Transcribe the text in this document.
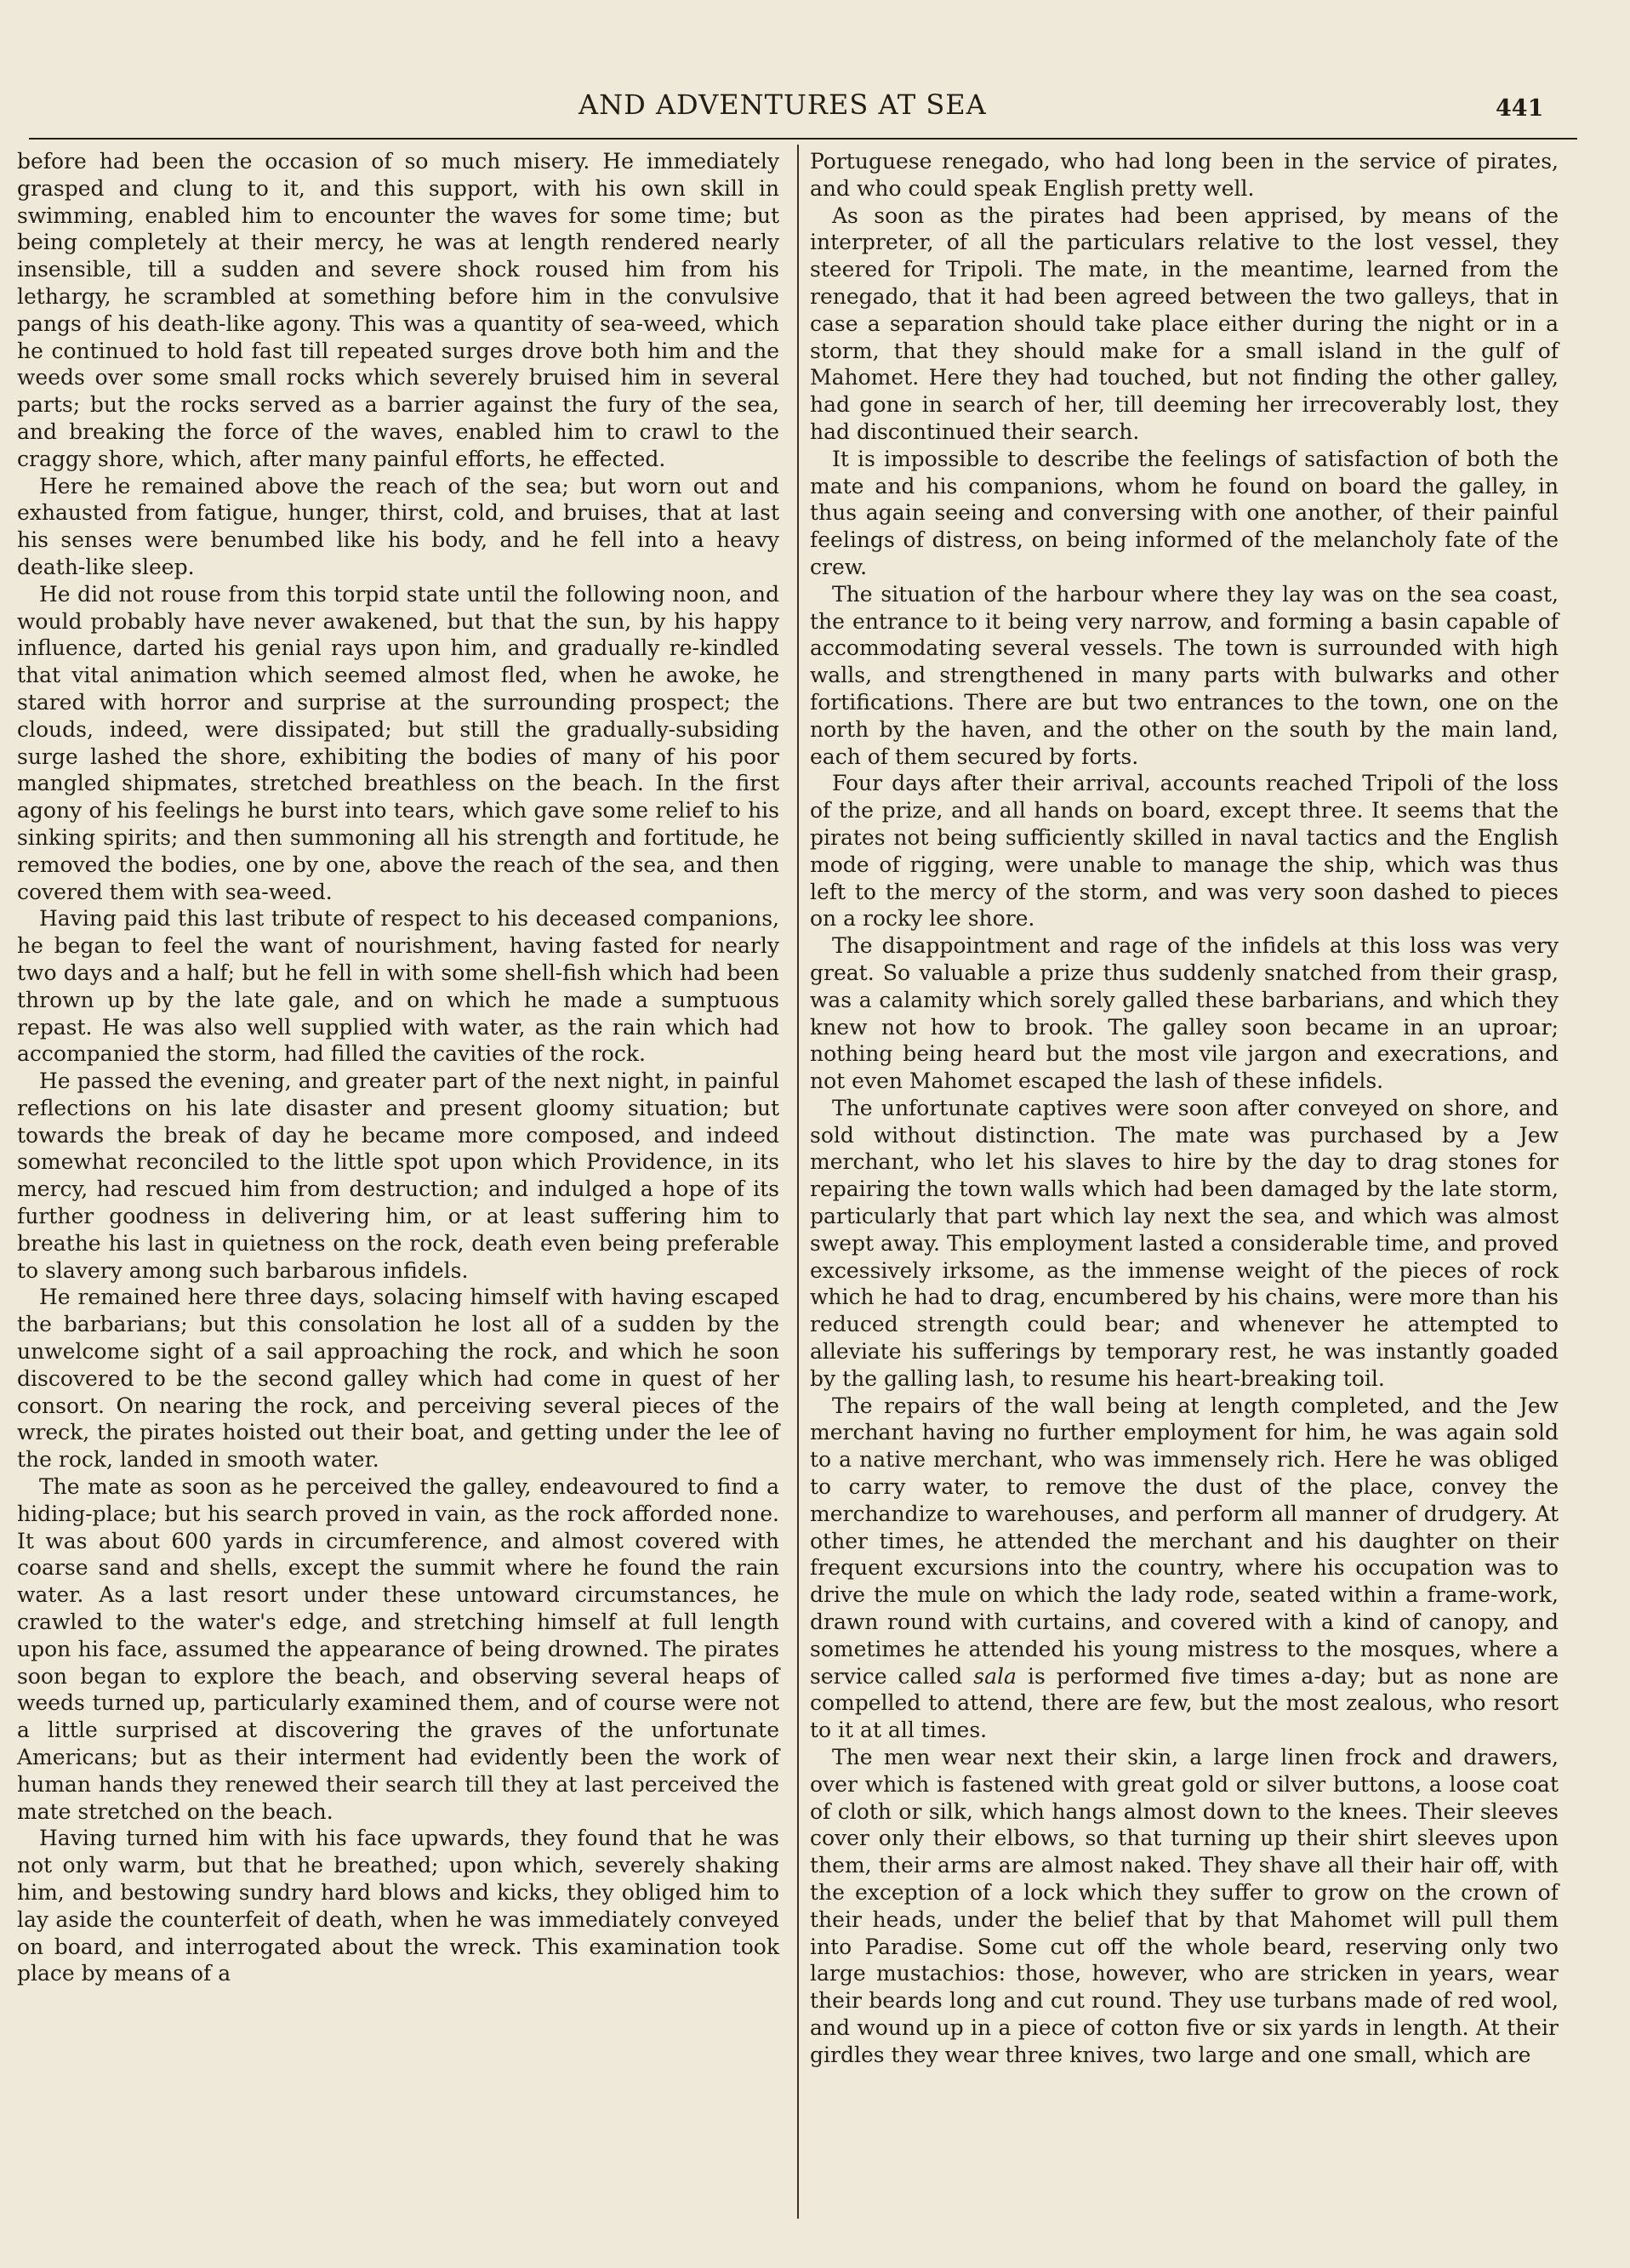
AND ADVENTURES AT SEA	441

before had been the occasion of so much misery. He immediately grasped and clung to it, and this support, with his own skill in swimming, enabled him to encounter the waves for some time; but being completely at their mercy, he was at length rendered nearly insensible, till a sudden and severe shock roused him from his lethargy, he scrambled at something before him in the convulsive pangs of his death-like agony. This was a quantity of sea-weed, which he continued to hold fast till repeated surges drove both him and the weeds over some small rocks which severely bruised him in several parts; but the rocks served as a barrier against the fury of the sea, and breaking the force of the waves, enabled him to crawl to the craggy shore, which, after many painful efforts, he effected.

Here he remained above the reach of the sea; but worn out and exhausted from fatigue, hunger, thirst, cold, and bruises, that at last his senses were benumbed like his body, and he fell into a heavy death-like sleep.

He did not rouse from this torpid state until the following noon, and would probably have never awakened, but that the sun, by his happy influence, darted his genial rays upon him, and gradually re-kindled that vital animation which seemed almost fled, when he awoke, he stared with horror and surprise at the surrounding prospect; the clouds, indeed, were dissipated; but still the gradually-subsiding surge lashed the shore, exhibiting the bodies of many of his poor mangled shipmates, stretched breathless on the beach. In the first agony of his feelings he burst into tears, which gave some relief to his sinking spirits; and then summoning all his strength and fortitude, he removed the bodies, one by one, above the reach of the sea, and then covered them with sea-weed.

Having paid this last tribute of respect to his deceased companions, he began to feel the want of nourishment, having fasted for nearly two days and a half; but he fell in with some shell-fish which had been thrown up by the late gale, and on which he made a sumptuous repast. He was also well supplied with water, as the rain which had accompanied the storm, had filled the cavities of the rock.

He passed the evening, and greater part of the next night, in painful reflections on his late disaster and present gloomy situation; but towards the break of day he became more composed, and indeed somewhat reconciled to the little spot upon which Providence, in its mercy, had rescued him from destruction; and indulged a hope of its further goodness in delivering him, or at least suffering him to breathe his last in quietness on the rock, death even being preferable to slavery among such barbarous infidels.

He remained here three days, solacing himself with having escaped the barbarians; but this consolation he lost all of a sudden by the unwelcome sight of a sail approaching the rock, and which he soon discovered to be the second galley which had come in quest of her consort. On nearing the rock, and perceiving several pieces of the wreck, the pirates hoisted out their boat, and getting under the lee of the rock, landed in smooth water.

The mate as soon as he perceived the galley, endeavoured to find a hiding-place; but his search proved in vain, as the rock afforded none. It was about 600 yards in circumference, and almost covered with coarse sand and shells, except the summit where he found the rain water. As a last resort under these untoward circumstances, he crawled to the water's edge, and stretching himself at full length upon his face, assumed the appearance of being drowned. The pirates soon began to explore the beach, and observing several heaps of weeds turned up, particularly examined them, and of course were not a little surprised at discovering the graves of the unfortunate Americans; but as their interment had evidently been the work of human hands they renewed their search till they at last perceived the mate stretched on the beach.

Having turned him with his face upwards, they found that he was not only warm, but that he breathed; upon which, severely shaking him, and bestowing sundry hard blows and kicks, they obliged him to lay aside the counterfeit of death, when he was immediately conveyed on board, and interrogated about the wreck. This examination took place by means of a

Portuguese renegado, who had long been in the service of pirates, and who could speak English pretty well.

As soon as the pirates had been apprised, by means of the interpreter, of all the particulars relative to the lost vessel, they steered for Tripoli. The mate, in the meantime, learned from the renegado, that it had been agreed between the two galleys, that in case a separation should take place either during the night or in a storm, that they should make for a small island in the gulf of Mahomet. Here they had touched, but not finding the other galley, had gone in search of her, till deeming her irrecoverably lost, they had discontinued their search.

It is impossible to describe the feelings of satisfaction of both the mate and his companions, whom he found on board the galley, in thus again seeing and conversing with one another, of their painful feelings of distress, on being informed of the melancholy fate of the crew.

The situation of the harbour where they lay was on the sea coast, the entrance to it being very narrow, and forming a basin capable of accommodating several vessels. The town is surrounded with high walls, and strengthened in many parts with bulwarks and other fortifications. There are but two entrances to the town, one on the north by the haven, and the other on the south by the main land, each of them secured by forts.

Four days after their arrival, accounts reached Tripoli of the loss of the prize, and all hands on board, except three. It seems that the pirates not being sufficiently skilled in naval tactics and the English mode of rigging, were unable to manage the ship, which was thus left to the mercy of the storm, and was very soon dashed to pieces on a rocky lee shore.

The disappointment and rage of the infidels at this loss was very great. So valuable a prize thus suddenly snatched from their grasp, was a calamity which sorely galled these barbarians, and which they knew not how to brook. The galley soon became in an uproar; nothing being heard but the most vile jargon and execrations, and not even Mahomet escaped the lash of these infidels.

The unfortunate captives were soon after conveyed on shore, and sold without distinction. The mate was purchased by a Jew merchant, who let his slaves to hire by the day to drag stones for repairing the town walls which had been damaged by the late storm, particularly that part which lay next the sea, and which was almost swept away. This employment lasted a considerable time, and proved excessively irksome, as the immense weight of the pieces of rock which he had to drag, encumbered by his chains, were more than his reduced strength could bear; and whenever he attempted to alleviate his sufferings by temporary rest, he was instantly goaded by the galling lash, to resume his heart-breaking toil.

The repairs of the wall being at length completed, and the Jew merchant having no further employment for him, he was again sold to a native merchant, who was immensely rich. Here he was obliged to carry water, to remove the dust of the place, convey the merchandize to warehouses, and perform all manner of drudgery. At other times, he attended the merchant and his daughter on their frequent excursions into the country, where his occupation was to drive the mule on which the lady rode, seated within a frame-work, drawn round with curtains, and covered with a kind of canopy, and sometimes he attended his young mistress to the mosques, where a service called sala is performed five times a-day; but as none are compelled to attend, there are few, but the most zealous, who resort to it at all times.

The men wear next their skin, a large linen frock and drawers, over which is fastened with great gold or silver buttons, a loose coat of cloth or silk, which hangs almost down to the knees. Their sleeves cover only their elbows, so that turning up their shirt sleeves upon them, their arms are almost naked. They shave all their hair off, with the exception of a lock which they suffer to grow on the crown of their heads, under the belief that by that Mahomet will pull them into Paradise. Some cut off the whole beard, reserving only two large mustachios: those, however, who are stricken in years, wear their beards long and cut round. They use turbans made of red wool, and wound up in a piece of cotton five or six yards in length. At their girdles they wear three knives, two large and one small, which are
